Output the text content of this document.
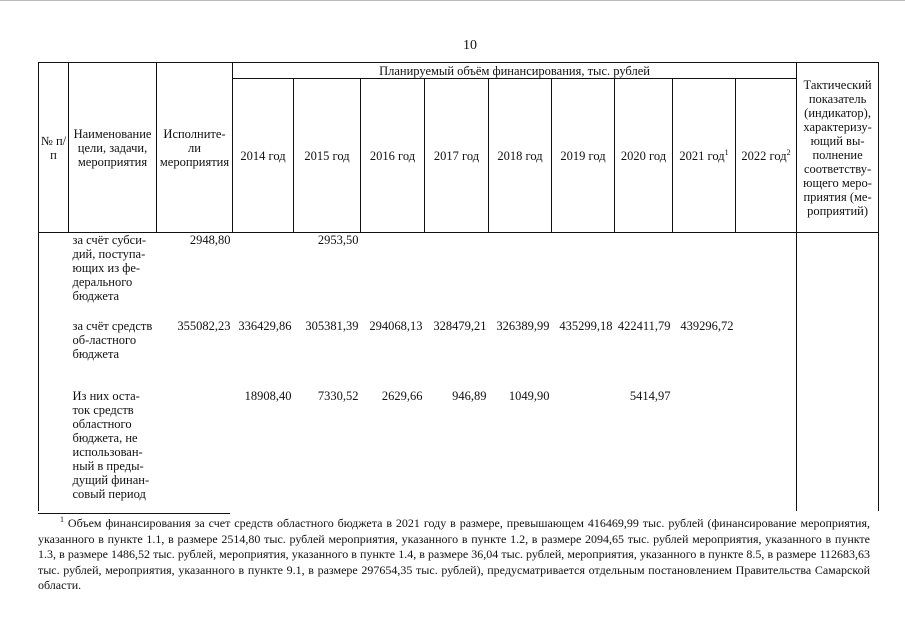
10
№ п/п	Наименование цели, задачи, мероприятия	Исполните-ли мероприятия	Планируемый объём финансирования, тыс. рублей									Тактический показатель (индикатор), характеризу-ющий вы-полнение соответству-ющего меро-приятия (ме-роприятий)
			2014 год	2015 год	2016 год	2017 год	2018 год	2019 год	2020 год	2021 год$^1$	2022 год$^2$
	за счёт субси-дий, поступа-ющих из фе-дерального бюджета	2948,80		2953,50								
	за счёт средств об-ластного бюджета	355082,23	336429,86	305381,39	294068,13	328479,21	326389,99	435299,18	422411,79	439296,72		
	Из них оста-ток средств областного бюджета, не использован-ный в преды-дущий финан-совый период		18908,40	7330,52	2629,66	946,89	1049,90		5414,97			
$^1$ Объем финансирования за счет средств областного бюджета в 2021 году в размере, превышающем 416469,99 тыс. рублей (финансирование мероприятия, указанного в пункте 1.1, в размере 2514,80 тыс. рублей мероприятия, указанного в пункте 1.2, в размере 2094,65 тыс. рублей мероприятия, указанного в пункте 1.3, в размере 1486,52 тыс. рублей, мероприятия, указанного в пункте 1.4, в размере 36,04 тыс. рублей, мероприятия, указанного в пункте 8.5, в размере 112683,63 тыс. рублей, мероприятия, указанного в пункте 9.1, в размере 297654,35 тыс. рублей), предусматривается отдельным постановлением Правительства Самарской области.
